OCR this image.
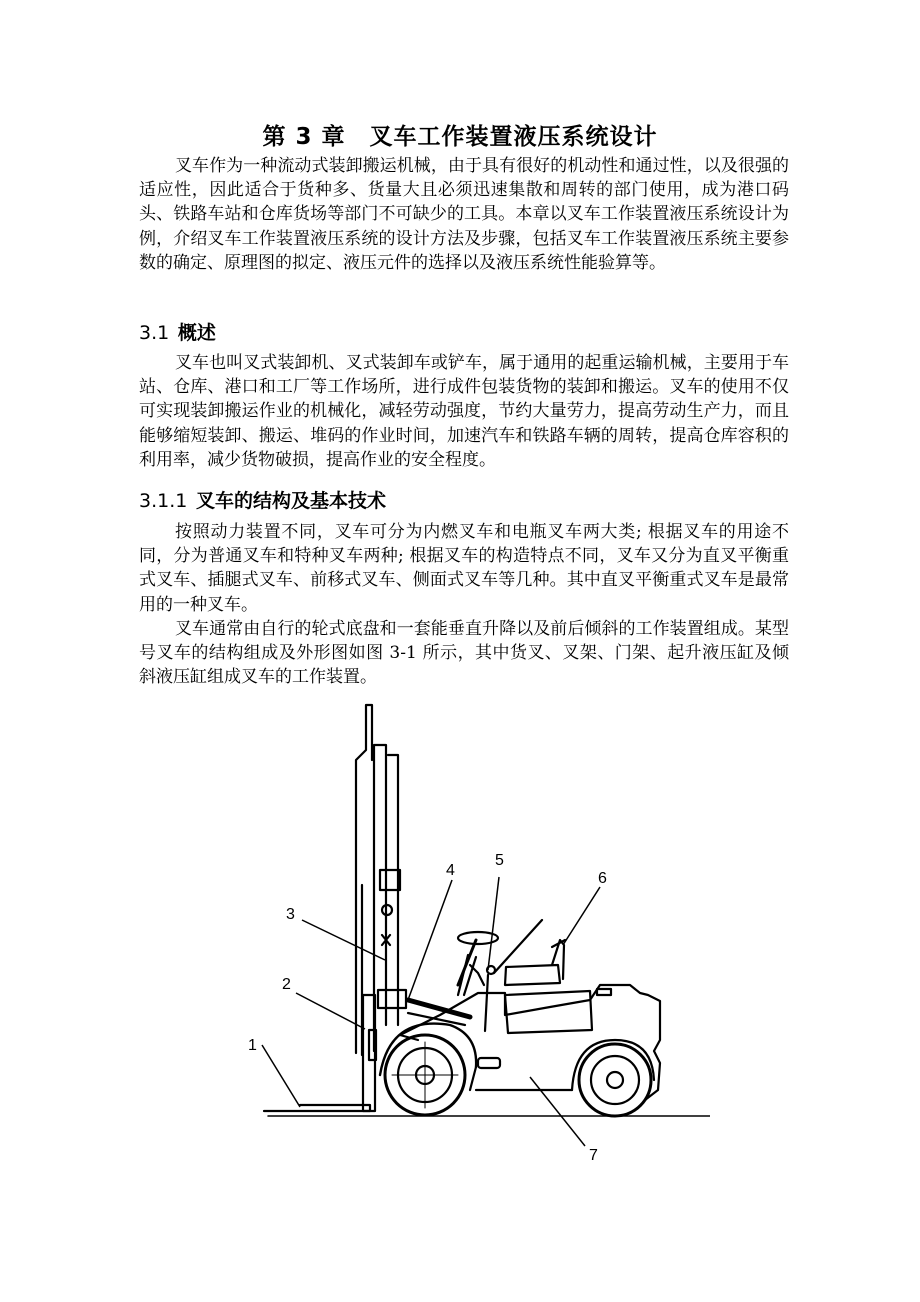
第 3 章　叉车工作装置液压系统设计

叉车作为一种流动式装卸搬运机械，由于具有很好的机动性和通过性，以及很强的适应性，因此适合于货种多、货量大且必须迅速集散和周转的部门使用，成为港口码头、铁路车站和仓库货场等部门不可缺少的工具。本章以叉车工作装置液压系统设计为例，介绍叉车工作装置液压系统的设计方法及步骤，包括叉车工作装置液压系统主要参数的确定、原理图的拟定、液压元件的选择以及液压系统性能验算等。

3.1 概述

叉车也叫叉式装卸机、叉式装卸车或铲车，属于通用的起重运输机械，主要用于车站、仓库、港口和工厂等工作场所，进行成件包装货物的装卸和搬运。叉车的使用不仅可实现装卸搬运作业的机械化，减轻劳动强度，节约大量劳力，提高劳动生产力，而且能够缩短装卸、搬运、堆码的作业时间，加速汽车和铁路车辆的周转，提高仓库容积的利用率，减少货物破损，提高作业的安全程度。

3.1.1 叉车的结构及基本技术

按照动力装置不同，叉车可分为内燃叉车和电瓶叉车两大类; 根据叉车的用途不同，分为普通叉车和特种叉车两种; 根据叉车的构造特点不同，叉车又分为直叉平衡重式叉车、插腿式叉车、前移式叉车、侧面式叉车等几种。其中直叉平衡重式叉车是最常用的一种叉车。

叉车通常由自行的轮式底盘和一套能垂直升降以及前后倾斜的工作装置组成。某型号叉车的结构组成及外形图如图 3-1 所示，其中货叉、叉架、门架、起升液压缸及倾斜液压缸组成叉车的工作装置。

1
2
3
4
5
6
7
